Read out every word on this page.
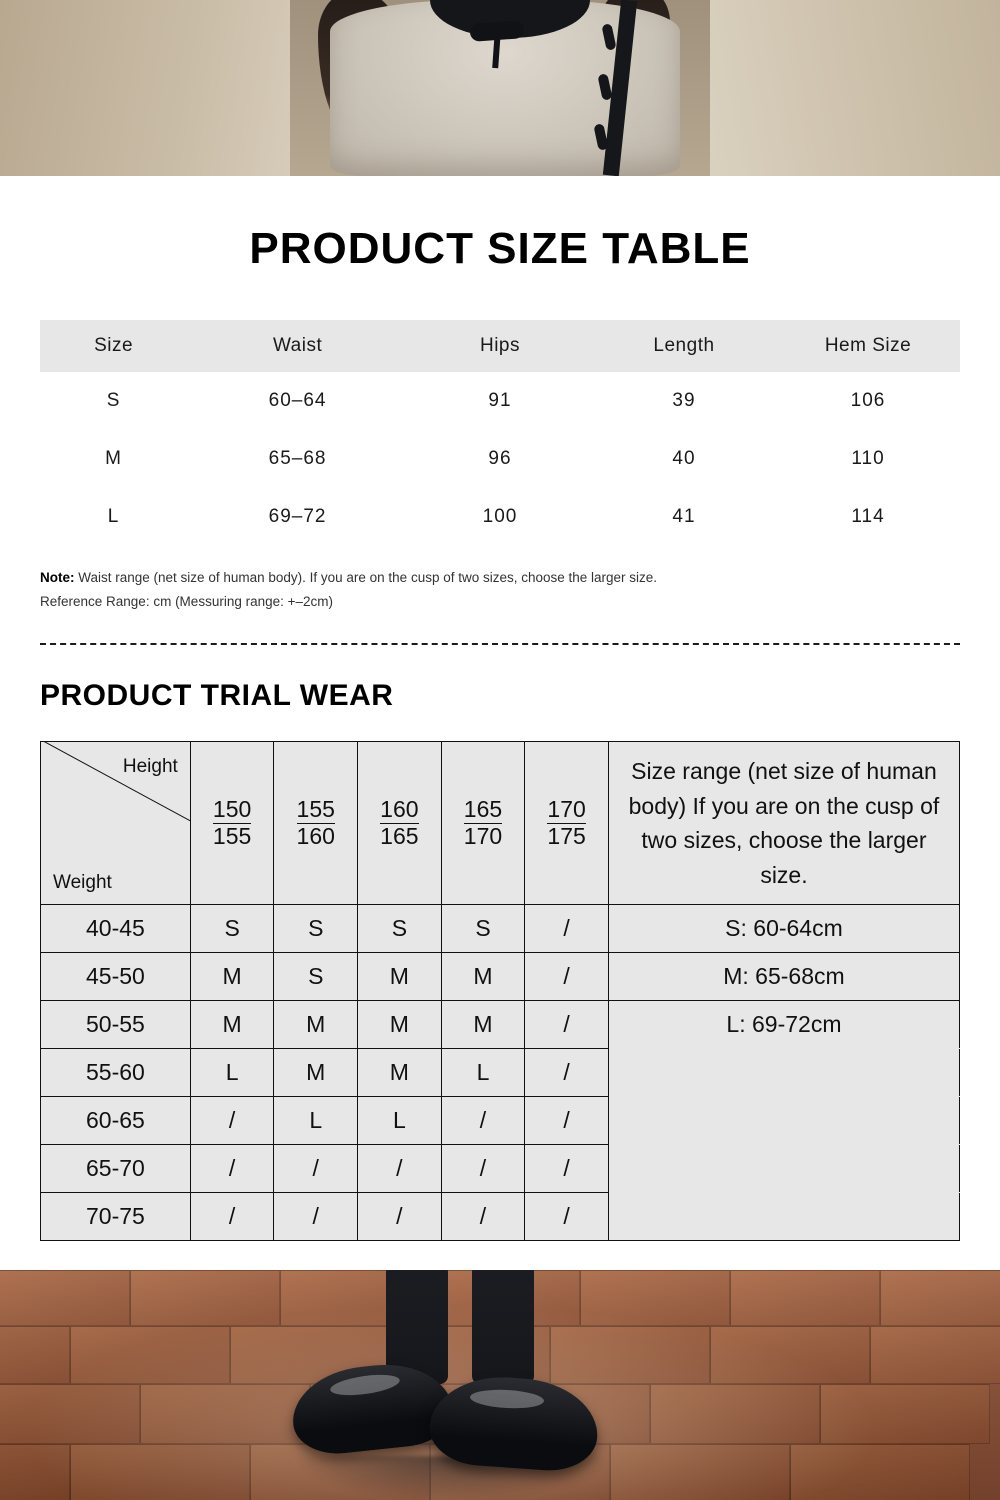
PRODUCT SIZE TABLE
Size	Waist	Hips	Length	Hem Size
S	60–64	91	39	106
M	65–68	96	40	110
L	69–72	100	41	114
Note: Waist range (net size of human body). If you are on the cusp of two sizes, choose the larger size.
Reference Range: cm (Messuring range: +–2cm)
PRODUCT TRIAL WEAR
Height
Weight	$\frac{150}{155}$	$\frac{155}{160}$	$\frac{160}{165}$	$\frac{165}{170}$	$\frac{170}{175}$	Size range (net size of human body) If you are on the cusp of two sizes, choose the larger size.
40-45	S	S	S	S	/	S: 60-64cm
45-50	M	S	M	M	/	M: 65-68cm
50-55	M	M	M	M	/	L: 69-72cm
55-60	L	M	M	L	/	
60-65	/	L	L	/	/	
65-70	/	/	/	/	/	
70-75	/	/	/	/	/	
